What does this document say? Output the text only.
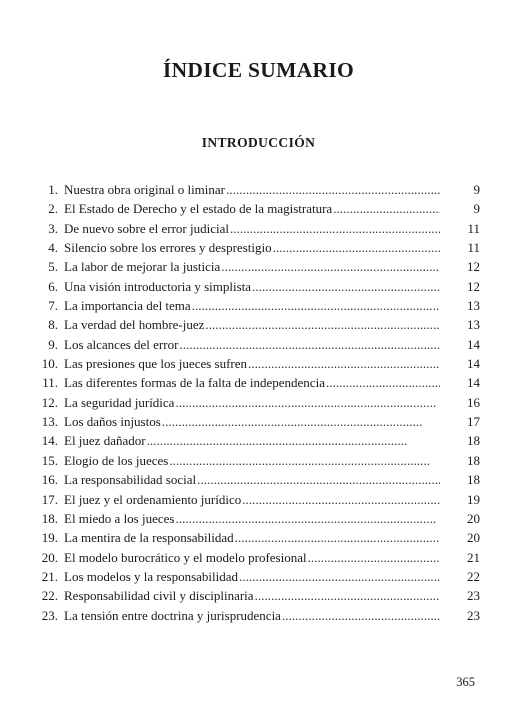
ÍNDICE SUMARIO
INTRODUCCIÓN
1. Nuestra obra original o liminar . . .	9
2. El Estado de Derecho y el estado de la magistratura . . .	9
3. De nuevo sobre el error judicial . . .	11
4. Silencio sobre los errores y desprestigio . . .	11
5. La labor de mejorar la justicia . . .	12
6. Una visión introductoria y simplista . . .	12
7. La importancia del tema . . .	13
8. La verdad del hombre-juez . . .	13
9. Los alcances del error . . .	14
10. Las presiones que los jueces sufren . . .	14
11. Las diferentes formas de la falta de independencia . . .	14
12. La seguridad jurídica . . .	16
13. Los daños injustos . . .	17
14. El juez dañador . . .	18
15. Elogio de los jueces . . .	18
16. La responsabilidad social . . .	18
17. El juez y el ordenamiento jurídico . . .	19
18. El miedo a los jueces . . .	20
19. La mentira de la responsabilidad . . .	20
20. El modelo burocrático y el modelo profesional . . .	21
21. Los modelos y la responsabilidad . . .	22
22. Responsabilidad civil y disciplinaria . . .	23
23. La tensión entre doctrina y jurisprudencia . . .	23
365
